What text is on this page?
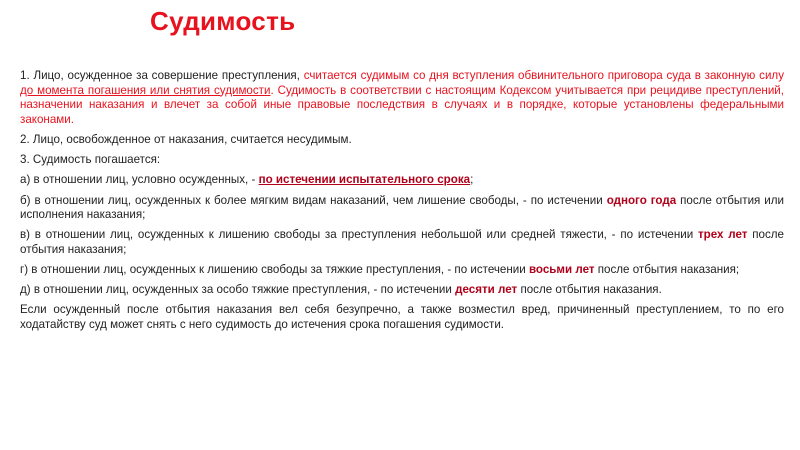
Судимость

1. Лицо, осужденное за совершение преступления, считается судимым со дня вступления обвинительного приговора суда в законную силу до момента погашения или снятия судимости. Судимость в соответствии с настоящим Кодексом учитывается при рецидиве преступлений, назначении наказания и влечет за собой иные правовые последствия в случаях и в порядке, которые установлены федеральными законами.

2. Лицо, освобожденное от наказания, считается несудимым.

3. Судимость погашается:

а) в отношении лиц, условно осужденных, - по истечении испытательного срока;

б) в отношении лиц, осужденных к более мягким видам наказаний, чем лишение свободы, - по истечении одного года после отбытия или исполнения наказания;

в) в отношении лиц, осужденных к лишению свободы за преступления небольшой или средней тяжести, - по истечении трех лет после отбытия наказания;

г) в отношении лиц, осужденных к лишению свободы за тяжкие преступления, - по истечении восьми лет после отбытия наказания;

д) в отношении лиц, осужденных за особо тяжкие преступления, - по истечении десяти лет после отбытия наказания.

Если осужденный после отбытия наказания вел себя безупречно, а также возместил вред, причиненный преступлением, то по его ходатайству суд может снять с него судимость до истечения срока погашения судимости.
